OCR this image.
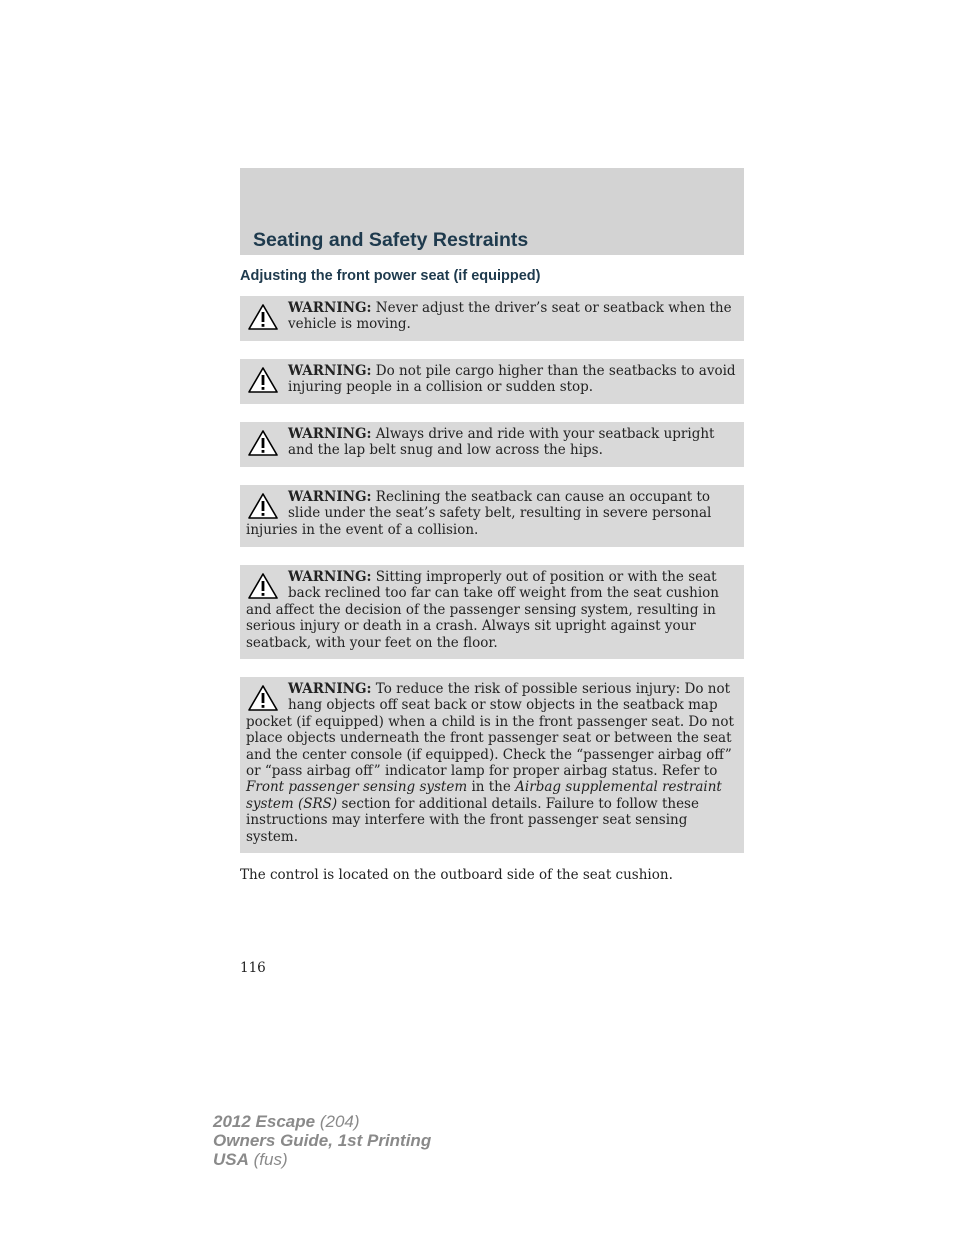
Seating and Safety Restraints
Adjusting the front power seat (if equipped)
WARNING: Never adjust the driver’s seat or seatback when the vehicle is moving.
WARNING: Do not pile cargo higher than the seatbacks to avoid injuring people in a collision or sudden stop.
WARNING: Always drive and ride with your seatback upright and the lap belt snug and low across the hips.
WARNING: Reclining the seatback can cause an occupant to slide under the seat’s safety belt, resulting in severe personal injuries in the event of a collision.
WARNING: Sitting improperly out of position or with the seat back reclined too far can take off weight from the seat cushion and affect the decision of the passenger sensing system, resulting in serious injury or death in a crash. Always sit upright against your seatback, with your feet on the floor.
WARNING: To reduce the risk of possible serious injury: Do not hang objects off seat back or stow objects in the seatback map pocket (if equipped) when a child is in the front passenger seat. Do not place objects underneath the front passenger seat or between the seat and the center console (if equipped). Check the “passenger airbag off” or “pass airbag off” indicator lamp for proper airbag status. Refer to Front passenger sensing system in the Airbag supplemental restraint system (SRS) section for additional details. Failure to follow these instructions may interfere with the front passenger seat sensing system.

The control is located on the outboard side of the seat cushion.

116

2012 Escape (204)
Owners Guide, 1st Printing
USA (fus)
